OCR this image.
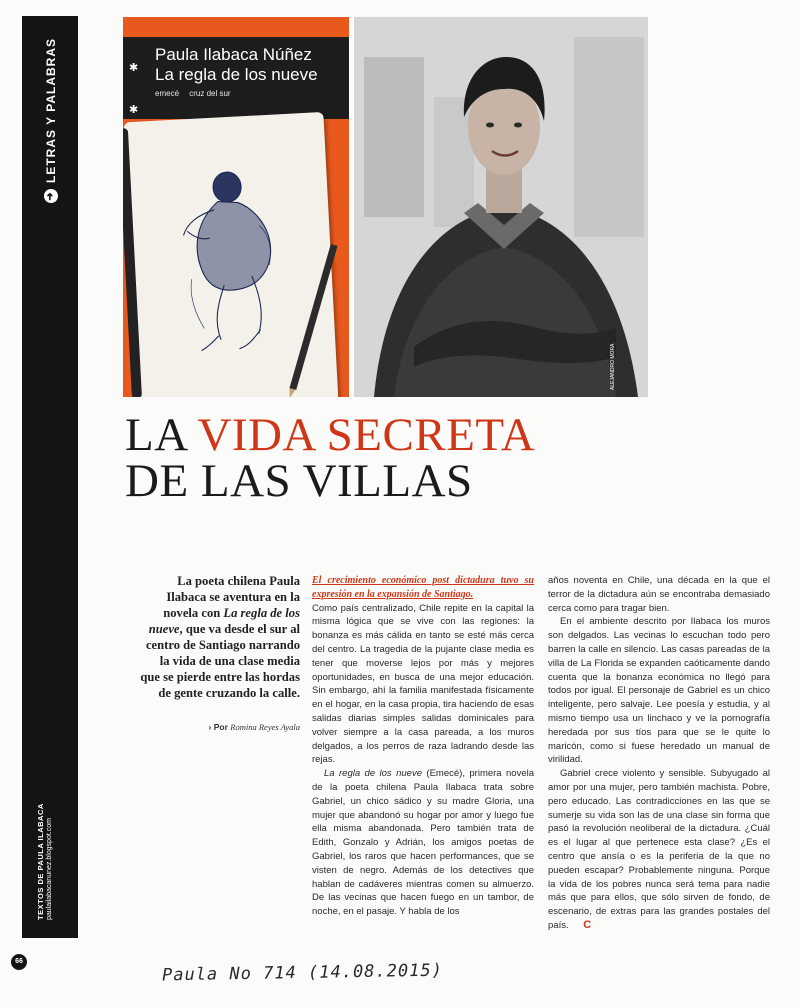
➜
LETRAS Y PALABRAS
TEXTOS DE PAULA ILABACA
paulailabacanunez.blogspot.com
66
✱
✱
Paula Ilabaca Núñez
La regla de los nueve
emecé cruz del sur
ALEJANDRO MORA
LA VIDA SECRETA
DE LAS VILLAS
La poeta chilena Paula Ilabaca se aventura en la novela con La regla de los nueve, que va desde el sur al centro de Santiago narrando la vida de una clase media que se pierde entre las hordas de gente cruzando la calle.
› Por Romina Reyes Ayala

El crecimiento económico post dictadura tuvo su expresión en la expansión de Santiago.

Como país centralizado, Chile repite en la capital la misma lógica que se vive con las regiones: la bonanza es más cálida en tanto se esté más cerca del centro. La tragedia de la pujante clase media es tener que moverse lejos por más y mejores oportunidades, en busca de una mejor educación. Sin embargo, ahí la familia manifestada físicamente en el hogar, en la casa propia, tira haciendo de esas salidas diarias simples salidas dominicales para volver siempre a la casa pareada, a los muros delgados, a los perros de raza ladrando desde las rejas.

La regla de los nueve (Emecé), primera novela de la poeta chilena Paula Ilabaca trata sobre Gabriel, un chico sádico y su madre Gloria, una mujer que abandonó su hogar por amor y luego fue ella misma abandonada. Pero también trata de Edith, Gonzalo y Adrián, los amigos poetas de Gabriel, los raros que hacen performances, que se visten de negro. Además de los detectives que hablan de cadáveres mientras comen su almuerzo. De las vecinas que hacen fuego en un tambor, de noche, en el pasaje. Y habla de los

años noventa en Chile, una década en la que el terror de la dictadura aún se encontraba demasiado cerca como para tragar bien.

En el ambiente descrito por Ilabaca los muros son delgados. Las vecinas lo escuchan todo pero barren la calle en silencio. Las casas pareadas de la villa de La Florida se expanden caóticamente dando cuenta que la bonanza económica no llegó para todos por igual. El personaje de Gabriel es un chico inteligente, pero salvaje. Lee poesía y estudia, y al mismo tiempo usa un linchaco y ve la pornografía heredada por sus tíos para que se le quite lo maricón, como si fuese heredado un manual de virilidad.

Gabriel crece violento y sensible. Subyugado al amor por una mujer, pero también machista. Pobre, pero educado. Las contradicciones en las que se sumerje su vida son las de una clase sin forma que pasó la revolución neoliberal de la dictadura. ¿Cuál es el lugar al que pertenece esta clase? ¿Es el centro que ansía o es la periferia de la que no pueden escapar? Probablemente ninguna. Porque la vida de los pobres nunca será tema para nadie más que para ellos, que sólo sirven de fondo, de escenario, de extras para las grandes postales del país. C

Paula No 714 (14.08.2015)
